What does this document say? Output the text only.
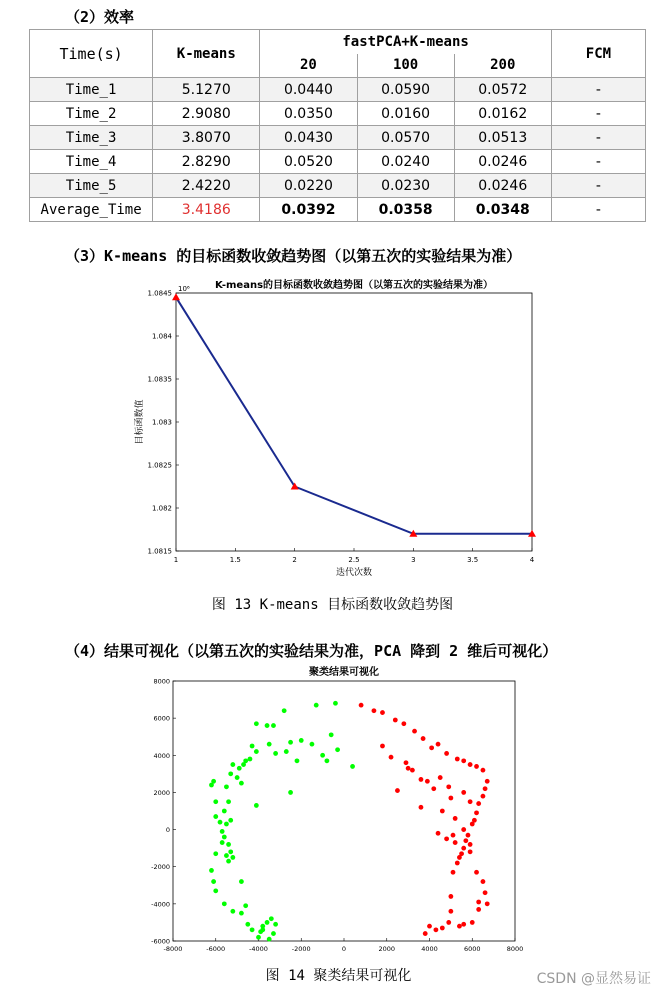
（2）效率
Time(s)	K-means	fastPCA+K-means			FCM
		20	100	200	
Time_1	5.1270	0.0440	0.0590	0.0572	-
Time_2	2.9080	0.0350	0.0160	0.0162	-
Time_3	3.8070	0.0430	0.0570	0.0513	-
Time_4	2.8290	0.0520	0.0240	0.0246	-
Time_5	2.4220	0.0220	0.0230	0.0246	-
Average_Time	3.4186	0.0392	0.0358	0.0348	-
（3）K-means 的目标函数收敛趋势图（以第五次的实验结果为准）
K-means的目标函数收敛趋势图（以第五次的实验结果为准）
10⁶
迭代次数
目标函数值
1	1.5	2	2.5	3	3.5	4
1.0815
1.082
1.0825
1.083
1.0835
1.084
1.0845
图 13 K-means 目标函数收敛趋势图
（4）结果可视化（以第五次的实验结果为准，PCA 降到 2 维后可视化）
聚类结果可视化
-8000	-6000	-4000	-2000	0	2000	4000	6000	8000
-6000
-4000
-2000
0
2000
4000
6000
8000
图 14 聚类结果可视化	CSDN @显然易证
